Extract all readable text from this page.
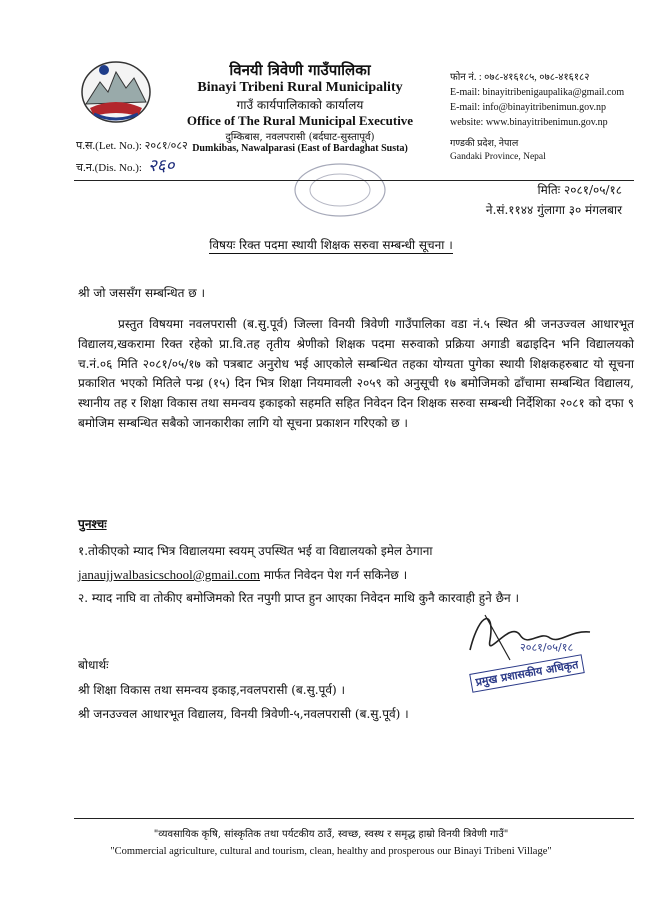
विनयी त्रिवेणी गाउँपालिका
Binayi Tribeni Rural Municipality
गाउँ कार्यपालिकाको कार्यालय
Office of The Rural Municipal Executive
दुम्किबास, नवलपरासी (बर्दघाट-सुस्तापूर्व)
Dumkibas, Nawalparasi (East of Bardaghat Susta)
फोन नं. : ०७८-४१६१८५, ०७८-४१६१८२
E-mail: binayitribenigaupalika@gmail.com
E-mail: info@binayitribenimun.gov.np
website: www.binayitribenimun.gov.np
गण्डकी प्रदेश, नेपाल
Gandaki Province, Nepal
प.स.(Let. No.): २०८१/०८२
च.न.(Dis. No.): २६०
मितिः २०८१/०५/१८
ने.सं.११४४ गुंलागा ३० मंगलबार
विषयः रिक्त पदमा स्थायी शिक्षक सरुवा सम्बन्धी सूचना ।
श्री जो जससँग सम्बन्धित छ ।
प्रस्तुत विषयमा नवलपरासी (ब.सु.पूर्व) जिल्ला विनयी त्रिवेणी गाउँपालिका वडा नं.५ स्थित श्री जनउज्वल आधारभूत विद्यालय,खकरामा रिक्त रहेको प्रा.वि.तह तृतीय श्रेणीको शिक्षक पदमा सरुवाको प्रक्रिया अगाडी बढाइदिन भनि विद्यालयको च.नं.०६ मिति २०८१/०५/१७ को पत्रबाट अनुरोध भई आएकोले सम्बन्धित तहका योग्यता पुगेका स्थायी शिक्षकहरुबाट यो सूचना प्रकाशित भएको मितिले पन्ध्र (१५) दिन भित्र शिक्षा नियमावली २०५९ को अनुसूची १७ बमोजिमको ढाँचामा सम्बन्धित विद्यालय, स्थानीय तह र शिक्षा विकास तथा समन्वय इकाइको सहमति सहित निवेदन दिन शिक्षक सरुवा सम्बन्धी निर्देशिका २०८१ को दफा ९ बमोजिम सम्बन्धित सबैको जानकारीका लागि यो सूचना प्रकाशन गरिएको छ ।
पुनश्चः
१.तोकीएको म्याद भित्र विद्यालयमा स्वयम् उपस्थित भई वा विद्यालयको इमेल ठेगाना
janaujjwalbasicschool@gmail.com मार्फत निवेदन पेश गर्न सकिनेछ ।
२. म्याद नाघि वा तोकीए बमोजिमको रित नपुगी प्राप्त हुन आएका निवेदन माथि कुनै कारवाही हुने छैन ।
२०८१/०५/१८
प्रमुख प्रशासकीय अधिकृत
बोधार्थः
श्री शिक्षा विकास तथा समन्वय इकाइ,नवलपरासी (ब.सु.पूर्व) ।
श्री जनउज्वल आधारभूत विद्यालय, विनयी त्रिवेणी-५,नवलपरासी (ब.सु.पूर्व) ।
"व्यवसायिक कृषि, सांस्कृतिक तथा पर्यटकीय ठाउँ, स्वच्छ, स्वस्थ र समृद्ध हाम्रो विनयी त्रिवेणी गाउँ"
"Commercial agriculture, cultural and tourism, clean, healthy and prosperous our Binayi Tribeni Village"
